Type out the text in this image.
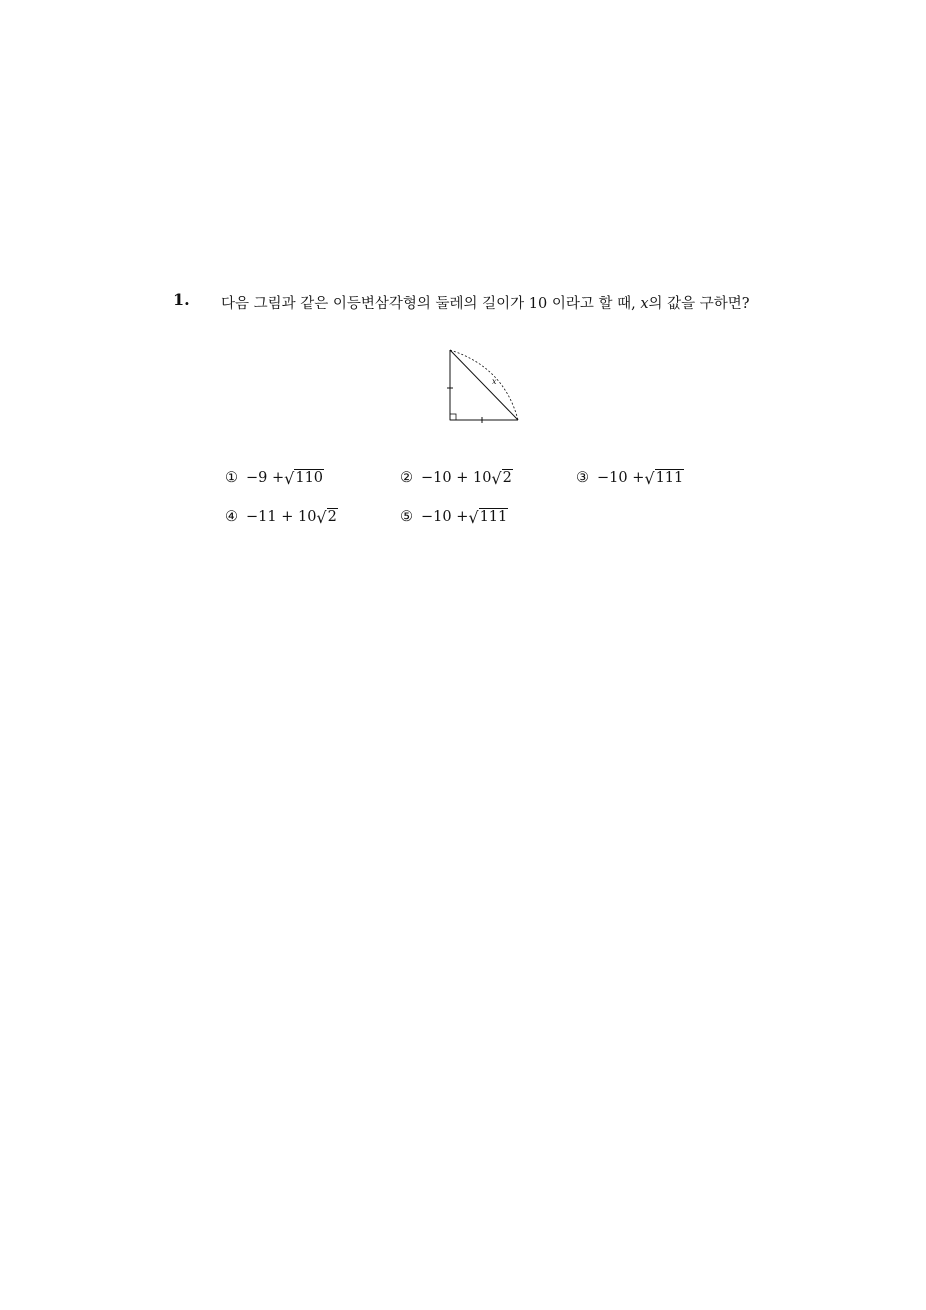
1. 다음 그림과 같은 이등변삼각형의 둘레의 길이가 10 이라고 할 때, x의 값을 구하면?
x
① −9 + √ 110	② −10 + 10 √ 2	③ −10 + √ 111
④ −11 + 10 √ 2	⑤ −10 + √ 111
